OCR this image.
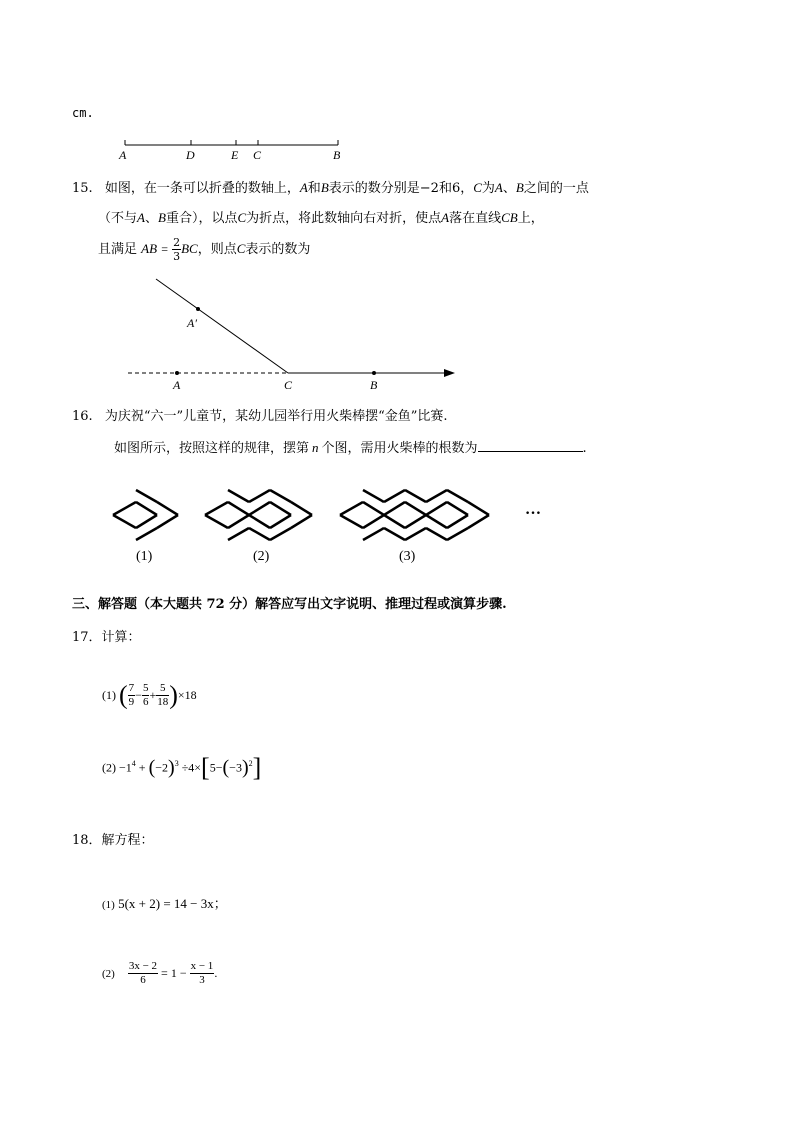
cm.
A	D	E C	B
15. 如图，在一条可以折叠的数轴上，A和B表示的数分别是−2和6，C为A、B之间的一点
（不与A、B重合），以点C为折点，将此数轴向右对折，使点A落在直线CB上，
且满足 AB = $\frac{2}{3}$ BC，则点C表示的数为
A′
A	C	B
16. 为庆祝“六一”儿童节，某幼儿园举行用火柴棒摆“金鱼”比赛.
如图所示，按照这样的规律，摆第 n 个图，需用火柴棒的根数为	.
…
(1)	(2)	(3)
三、解答题（本大题共 72 分）解答应写出文字说明、推理过程或演算步骤.
17．计算：
(1) ( $\frac{7}{9} - \frac{5}{6} + \frac{5}{18} )\times 18$
$(2) -1^4 + (-2)^3 \div 4\times[5-(-3)^2]$
18．解方程：
(1) 5(x + 2) = 14 − 3x；
$(2) \frac{3x - 2}{6} = 1 - \frac{x - 1}{3}$ .
